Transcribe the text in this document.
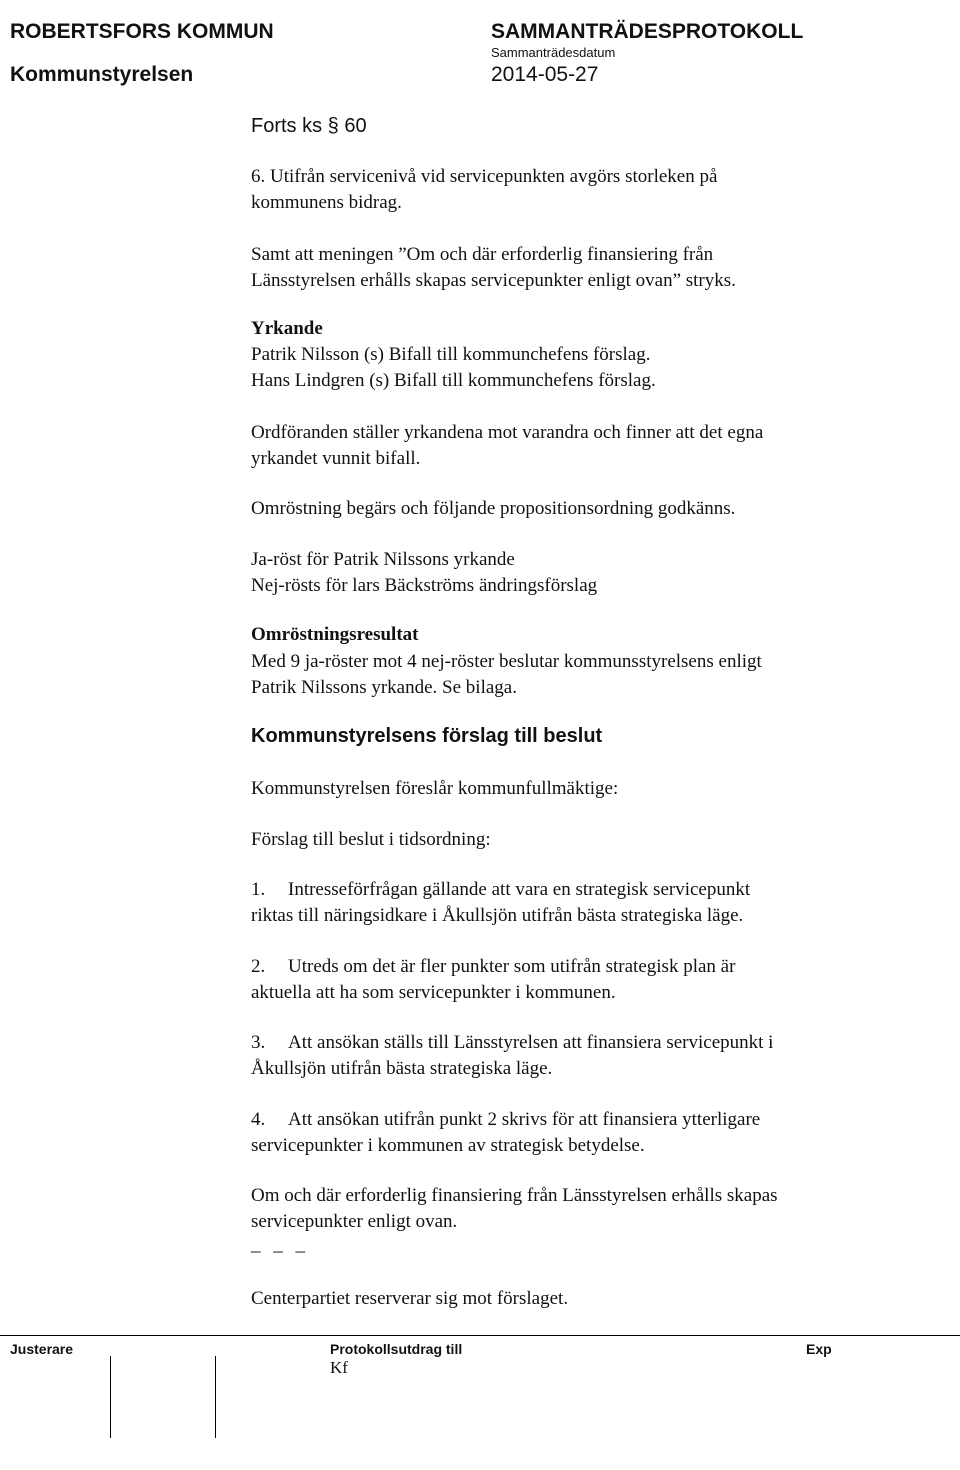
ROBERTSFORS KOMMUN
Kommunstyrelsen
SAMMANTRÄDESPROTOKOLL
Sammanträdesdatum
2014-05-27
Forts ks § 60
6. Utifrån servicenivå vid servicepunkten avgörs storleken på
kommunens bidrag.
Samt att meningen ”Om och där erforderlig finansiering från
Länsstyrelsen erhålls skapas servicepunkter enligt ovan” stryks.
Yrkande
Patrik Nilsson (s) Bifall till kommunchefens förslag.
Hans Lindgren (s) Bifall till kommunchefens förslag.
Ordföranden ställer yrkandena mot varandra och finner att det egna
yrkandet vunnit bifall.
Omröstning begärs och följande propositionsordning godkänns.
Ja-röst för Patrik Nilssons yrkande
Nej-rösts för lars Bäckströms ändringsförslag
Omröstningsresultat
Med 9 ja-röster mot 4 nej-röster beslutar kommunsstyrelsens enligt
Patrik Nilssons yrkande. Se bilaga.
Kommunstyrelsens förslag till beslut
Kommunstyrelsen föreslår kommunfullmäktige:
Förslag till beslut i tidsordning:
1. Intresseförfrågan gällande att vara en strategisk servicepunkt
riktas till näringsidkare i Åkullsjön utifrån bästa strategiska läge.
2. Utreds om det är fler punkter som utifrån strategisk plan är
aktuella att ha som servicepunkter i kommunen.
3. Att ansökan ställs till Länsstyrelsen att finansiera servicepunkt i
Åkullsjön utifrån bästa strategiska läge.
4. Att ansökan utifrån punkt 2 skrivs för att finansiera ytterligare
servicepunkter i kommunen av strategisk betydelse.
Om och där erforderlig finansiering från Länsstyrelsen erhålls skapas
servicepunkter enligt ovan.
_ _ _
Centerpartiet reserverar sig mot förslaget.
Justerare	Protokollsutdrag till
Kf
Exp
